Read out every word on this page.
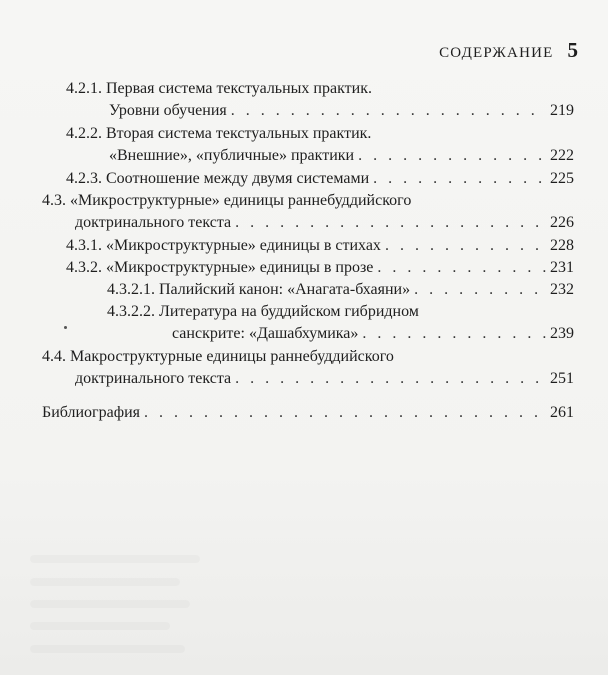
СОДЕРЖАНИЕ 5
4.2.1. Первая система текстуальных практик.
Уровни обучения . . .	219
4.2.2. Вторая система текстуальных практик.
«Внешние», «публичные» практики . . .	222
4.2.3.
Соотношение между двумя системами . . .	225
4.3. «Микроструктурные» единицы раннебуддийского
доктринального текста . . .	226
4.3.1.
«Микроструктурные» единицы в стихах . . .	228
4.3.2.
«Микроструктурные» единицы в прозе . . .	231
4.3.2.1.
Палийский канон: «Анагата-бхаяни» . . .	232
4.3.2.2. Литература на буддийском гибридном
санскрите: «Дашабхумика» . . .	239
4.4. Макроструктурные единицы раннебуддийского
доктринального текста . . .	251
Библиография . . .	261
